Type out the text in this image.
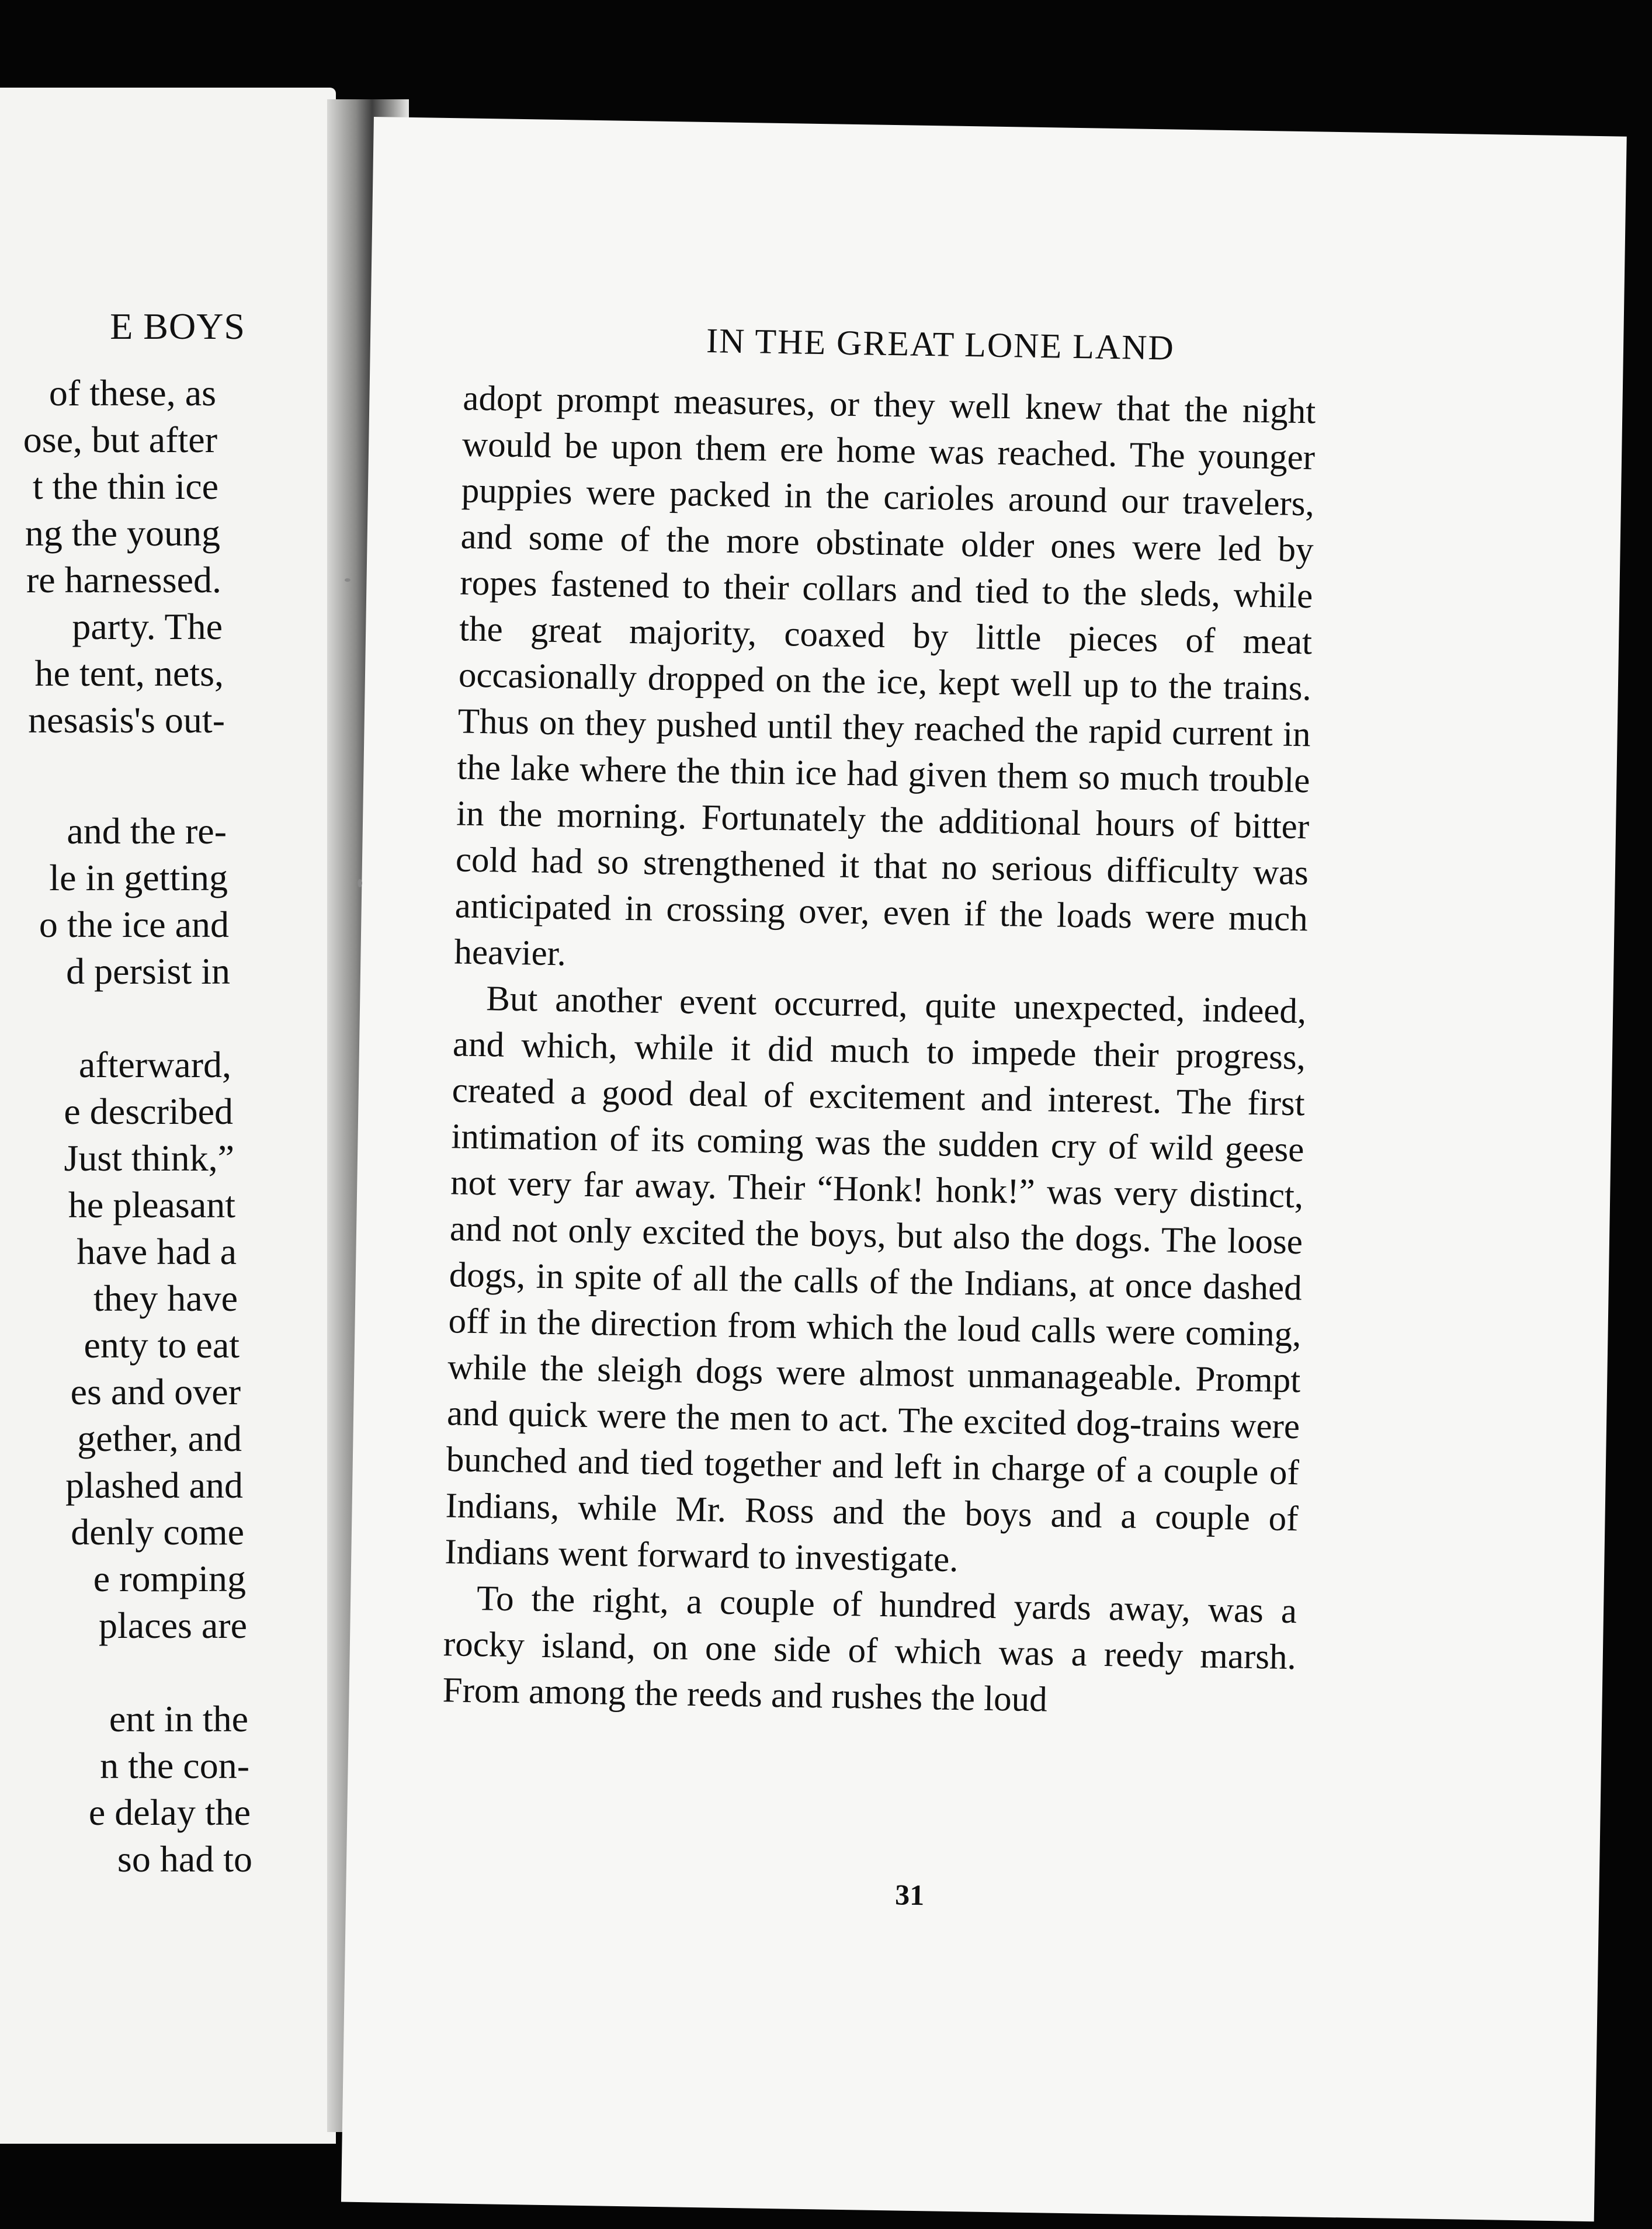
E BOYS
of these, as
ose, but after
t the thin ice
ng the young
re harnessed.
party. The
he tent, nets,
nesasis's out-
and the re-
le in getting
o the ice and
d persist in
afterward,
e described
Just think,”
he pleasant
have had a
they have
enty to eat
es and over
gether, and
plashed and
denly come
e romping
places are
ent in the
n the con-
e delay the
so had to
IN THE GREAT LONE LAND

adopt prompt measures, or they well knew that the night would be upon them ere home was reached. The younger puppies were packed in the carioles around our travelers, and some of the more obstinate older ones were led by ropes fastened to their collars and tied to the sleds, while the great majority, coaxed by little pieces of meat occasionally dropped on the ice, kept well up to the trains. Thus on they pushed until they reached the rapid current in the lake where the thin ice had given them so much trouble in the morning. Fortunately the additional hours of bitter cold had so strengthened it that no serious difficulty was anticipated in crossing over, even if the loads were much heavier.

But another event occurred, quite unexpected, indeed, and which, while it did much to impede their progress, created a good deal of excitement and interest. The first intimation of its coming was the sudden cry of wild geese not very far away. Their “Honk! honk!” was very distinct, and not only excited the boys, but also the dogs. The loose dogs, in spite of all the calls of the Indians, at once dashed off in the direction from which the loud calls were coming, while the sleigh dogs were almost unmanageable. Prompt and quick were the men to act. The excited dog-trains were bunched and tied together and left in charge of a couple of Indians, while Mr. Ross and the boys and a couple of Indians went forward to investigate.

To the right, a couple of hundred yards away, was a rocky island, on one side of which was a reedy marsh. From among the reeds and rushes the loud

31
